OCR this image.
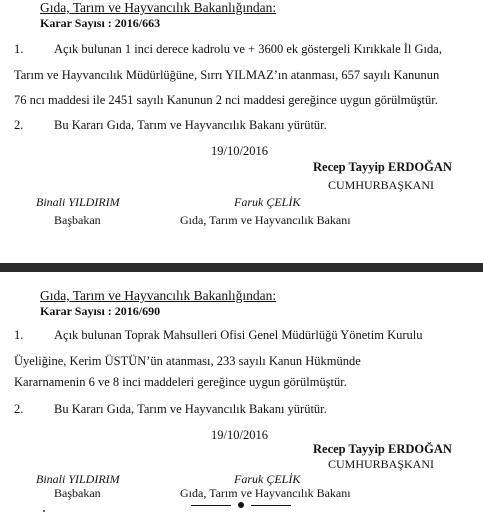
Gıda, Tarım ve Hayvancılık Bakanlığından:
Karar Sayısı : 2016/663
1. Açık bulunan 1 inci derece kadrolu ve + 3600 ek göstergeli Kırıkkale İl Gıda,
Tarım ve Hayvancılık Müdürlüğüne, Sırrı YILMAZ’ın atanması, 657 sayılı Kanunun
76 ncı maddesi ile 2451 sayılı Kanunun 2 nci maddesi gereğince uygun görülmüştür.
2. Bu Kararı Gıda, Tarım ve Hayvancılık Bakanı yürütür.
19/10/2016
Recep Tayyip ERDOĞAN
CUMHURBAŞKANI
Binali YILDIRIM
Başbakan
Faruk ÇELİK
Gıda, Tarım ve Hayvancılık Bakanı
Gıda, Tarım ve Hayvancılık Bakanlığından:
Karar Sayısı : 2016/690
1. Açık bulunan Toprak Mahsulleri Ofisi Genel Müdürlüğü Yönetim Kurulu
Üyeliğine, Kerim ÜSTÜN’ün atanması, 233 sayılı Kanun Hükmünde
Kararnamenin 6 ve 8 inci maddeleri gereğince uygun görülmüştür.
2. Bu Kararı Gıda, Tarım ve Hayvancılık Bakanı yürütür.
19/10/2016
Recep Tayyip ERDOĞAN
CUMHURBAŞKANI
Binali YILDIRIM
Başbakan
Faruk ÇELİK
Gıda, Tarım ve Hayvancılık Bakanı
